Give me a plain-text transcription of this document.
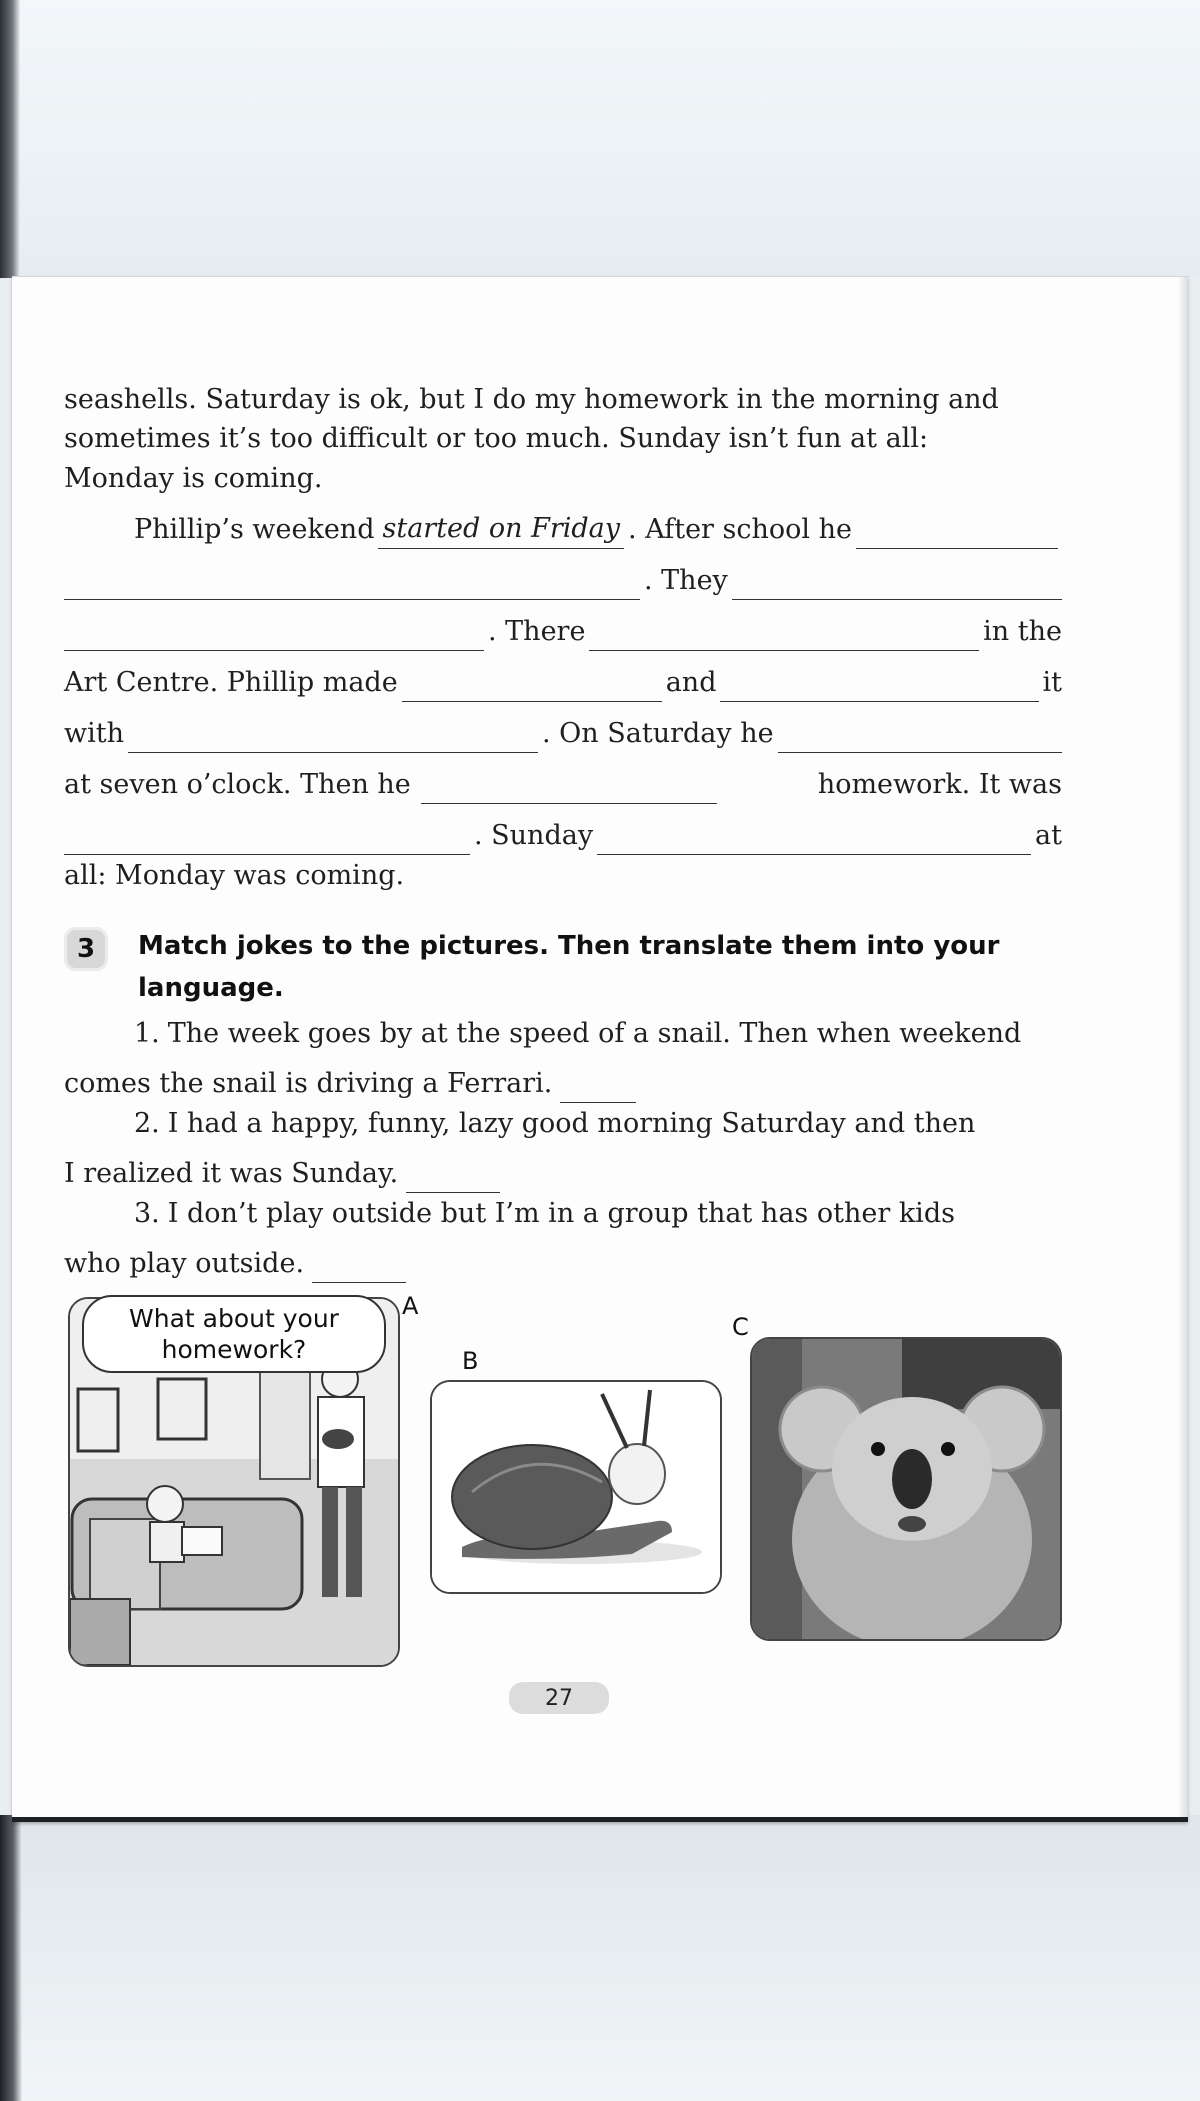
seashells. Saturday is ok, but I do my homework in the morning and
sometimes it’s too difficult or too much. Sunday isn’t fun at all:
Monday is coming.
Phillip’s weekend started on Friday . After school he
. They
. There	in the
Art Centre. Phillip made	and	it
with	. On Saturday he
at seven o’clock. Then he	homework. It was
. Sunday	at
all: Monday was coming.
3	Match jokes to the pictures. Then translate them into your language.
1. The week goes by at the speed of a snail. Then when weekend
comes the snail is driving a Ferrari.
2. I had a happy, funny, lazy good morning Saturday and then
I realized it was Sunday.
3. I don’t play outside but I’m in a group that has other kids
who play outside.
What about your homework?
A
B
C
27
